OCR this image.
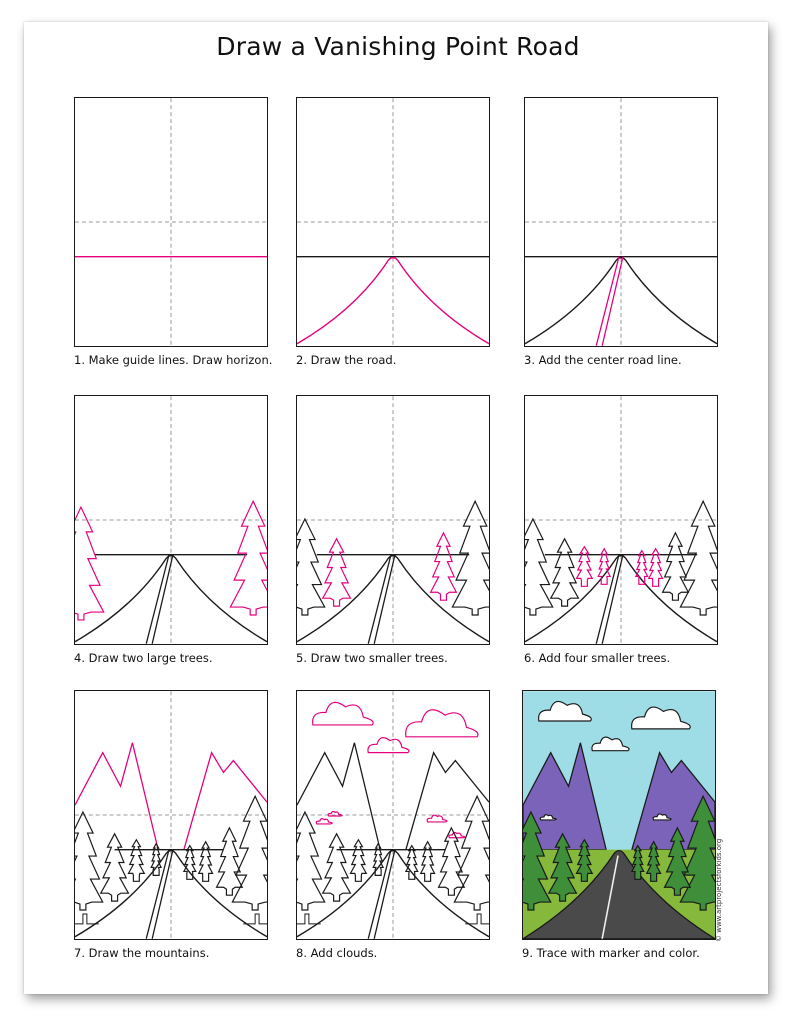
Draw a Vanishing Point Road
1. Make guide lines. Draw horizon. 2. Draw the road.	3. Add the center road line.
4. Draw two large trees.	5. Draw two smaller trees.	6. Add four smaller trees.
7. Draw the mountains.	8. Add clouds.	9. Trace with marker and color.
© www.artprojectsforkids.org
